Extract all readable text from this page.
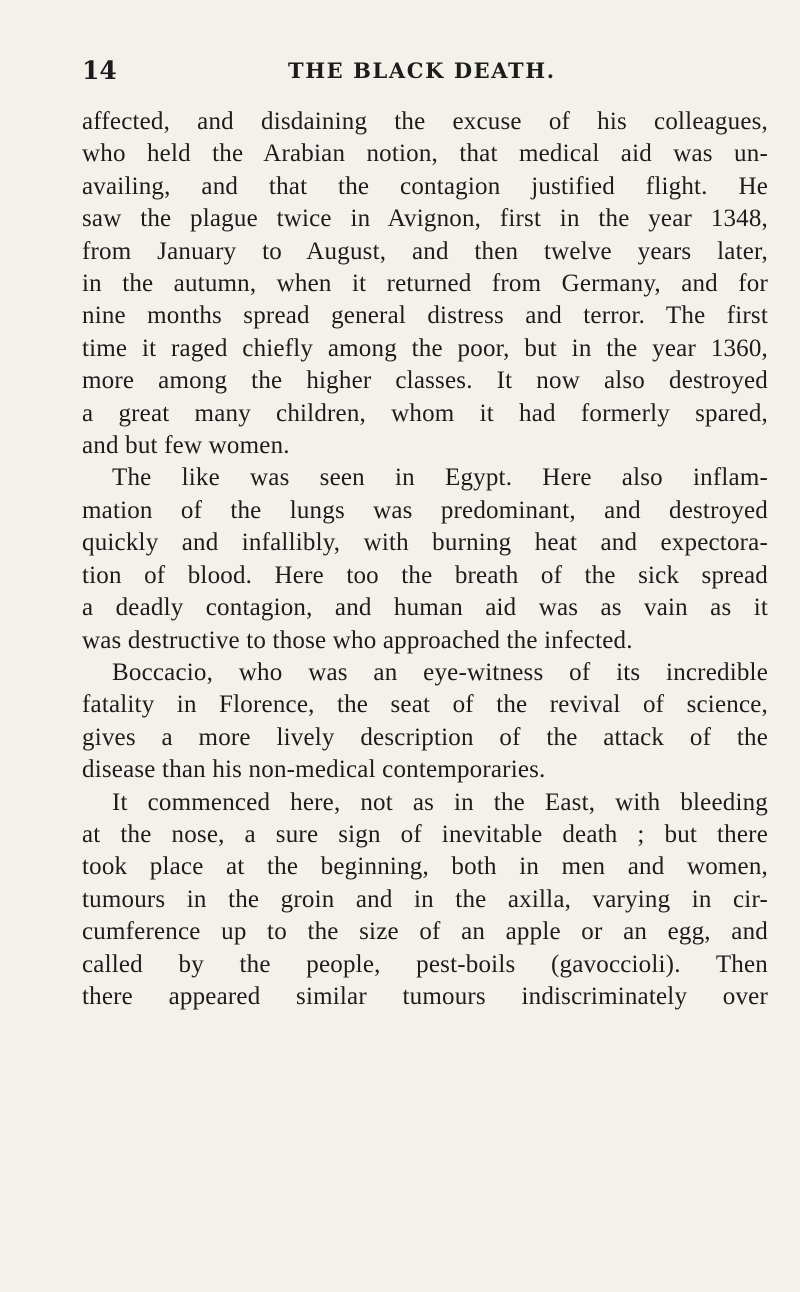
14	THE BLACK DEATH.
affected, and disdaining the excuse of his colleagues,
who held the Arabian notion, that medical aid was un-
availing, and that the contagion justified flight. He
saw the plague twice in Avignon, first in the year 1348,
from January to August, and then twelve years later,
in the autumn, when it returned from Germany, and for
nine months spread general distress and terror. The first
time it raged chiefly among the poor, but in the year 1360,
more among the higher classes. It now also destroyed
a great many children, whom it had formerly spared,
and but few women.
The like was seen in Egypt. Here also inflam-
mation of the lungs was predominant, and destroyed
quickly and infallibly, with burning heat and expectora-
tion of blood. Here too the breath of the sick spread
a deadly contagion, and human aid was as vain as it
was destructive to those who approached the infected.
Boccacio, who was an eye-witness of its incredible
fatality in Florence, the seat of the revival of science,
gives a more lively description of the attack of the
disease than his non-medical contemporaries.
It commenced here, not as in the East, with bleeding
at the nose, a sure sign of inevitable death ; but there
took place at the beginning, both in men and women,
tumours in the groin and in the axilla, varying in cir-
cumference up to the size of an apple or an egg, and
called by the people, pest-boils (gavoccioli). Then
there appeared similar tumours indiscriminately over
